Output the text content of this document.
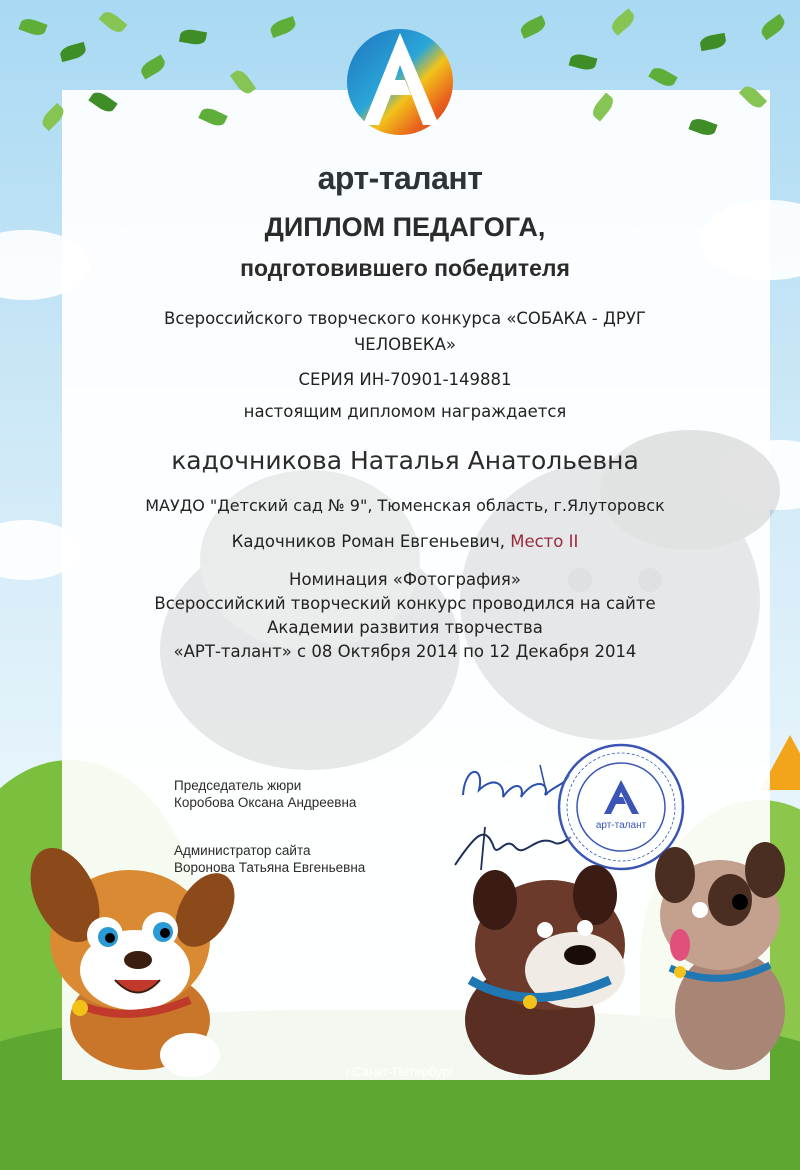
арт-талант
ДИПЛОМ ПЕДАГОГА,
подготовившего победителя
Всероссийского творческого конкурса «СОБАКА - ДРУГ
ЧЕЛОВЕКА»
СЕРИЯ ИН-70901-149881
настоящим дипломом награждается
кадочникова Наталья Анатольевна
МАУДО "Детский сад № 9", Тюменская область, г.Ялуторовск
Кадочников Роман Евгеньевич, Место II
Номинация «Фотография»
Всероссийский творческий конкурс проводился на сайте
Академии развития творчества
«АРТ-талант» с 08 Октября 2014 по 12 Декабря 2014
Председатель жюри
Коробова Оксана Андреевна
Администратор сайта
Воронова Татьяна Евгеньевна
арт-талант
г.Санкт-Петербург
